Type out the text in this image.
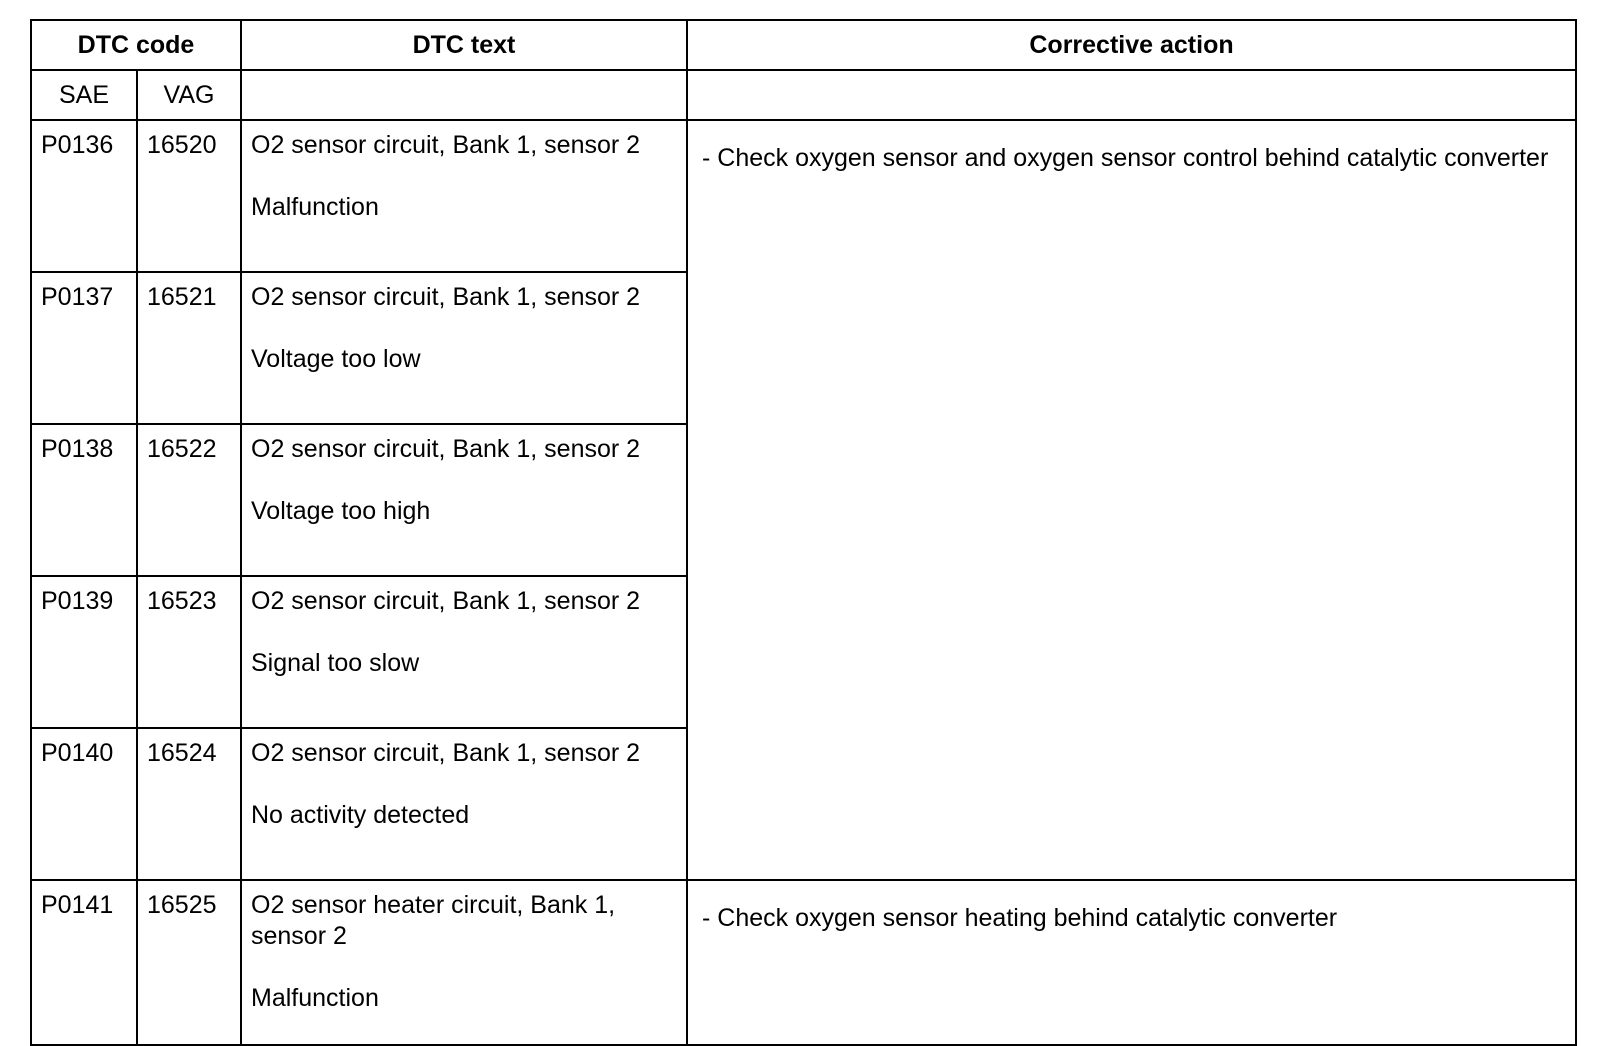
DTC code		DTC text	Corrective action
SAE	VAG		
P0136	16520	O2 sensor circuit, Bank 1, sensor 2
Malfunction	- Check oxygen sensor and oxygen sensor control behind catalytic converter
P0137	16521	O2 sensor circuit, Bank 1, sensor 2
Voltage too low	

P0138	16522	O2 sensor circuit, Bank 1, sensor 2
Voltage too high	

P0139	16523	O2 sensor circuit, Bank 1, sensor 2
Signal too slow	

P0140	16524	O2 sensor circuit, Bank 1, sensor 2
No activity detected	

P0141	16525	O2 sensor heater circuit, Bank 1, sensor 2
Malfunction	- Check oxygen sensor heating behind catalytic converter
